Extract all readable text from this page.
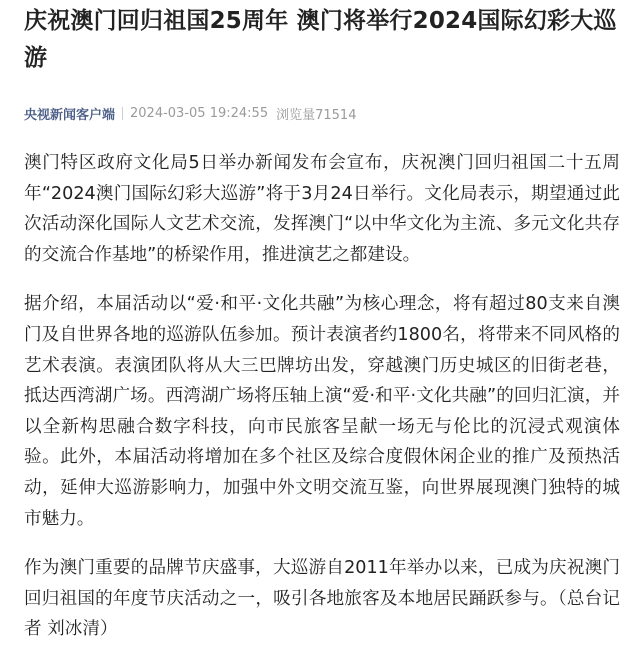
庆祝澳门回归祖国25周年 澳门将举行2024国际幻彩大巡游
央视新闻客户端 2024-03-05 19:24:55 浏览量71514

澳门特区政府文化局5日举办新闻发布会宣布，庆祝澳门回归祖国二十五周年“2024澳门国际幻彩大巡游”将于3月24日举行。文化局表示，期望通过此次活动深化国际人文艺术交流，发挥澳门“以中华文化为主流、多元文化共存的交流合作基地”的桥梁作用，推进演艺之都建设。

据介绍，本届活动以“爱·和平·文化共融”为核心理念，将有超过80支来自澳门及自世界各地的巡游队伍参加。预计表演者约1800名，将带来不同风格的艺术表演。表演团队将从大三巴牌坊出发，穿越澳门历史城区的旧街老巷，抵达西湾湖广场。西湾湖广场将压轴上演“爱·和平·文化共融”的回归汇演，并以全新构思融合数字科技，向市民旅客呈献一场无与伦比的沉浸式观演体验。此外，本届活动将增加在多个社区及综合度假休闲企业的推广及预热活动，延伸大巡游影响力，加强中外文明交流互鉴，向世界展现澳门独特的城市魅力。

作为澳门重要的品牌节庆盛事，大巡游自2011年举办以来，已成为庆祝澳门回归祖国的年度节庆活动之一，吸引各地旅客及本地居民踊跃参与。（总台记者 刘冰清）
